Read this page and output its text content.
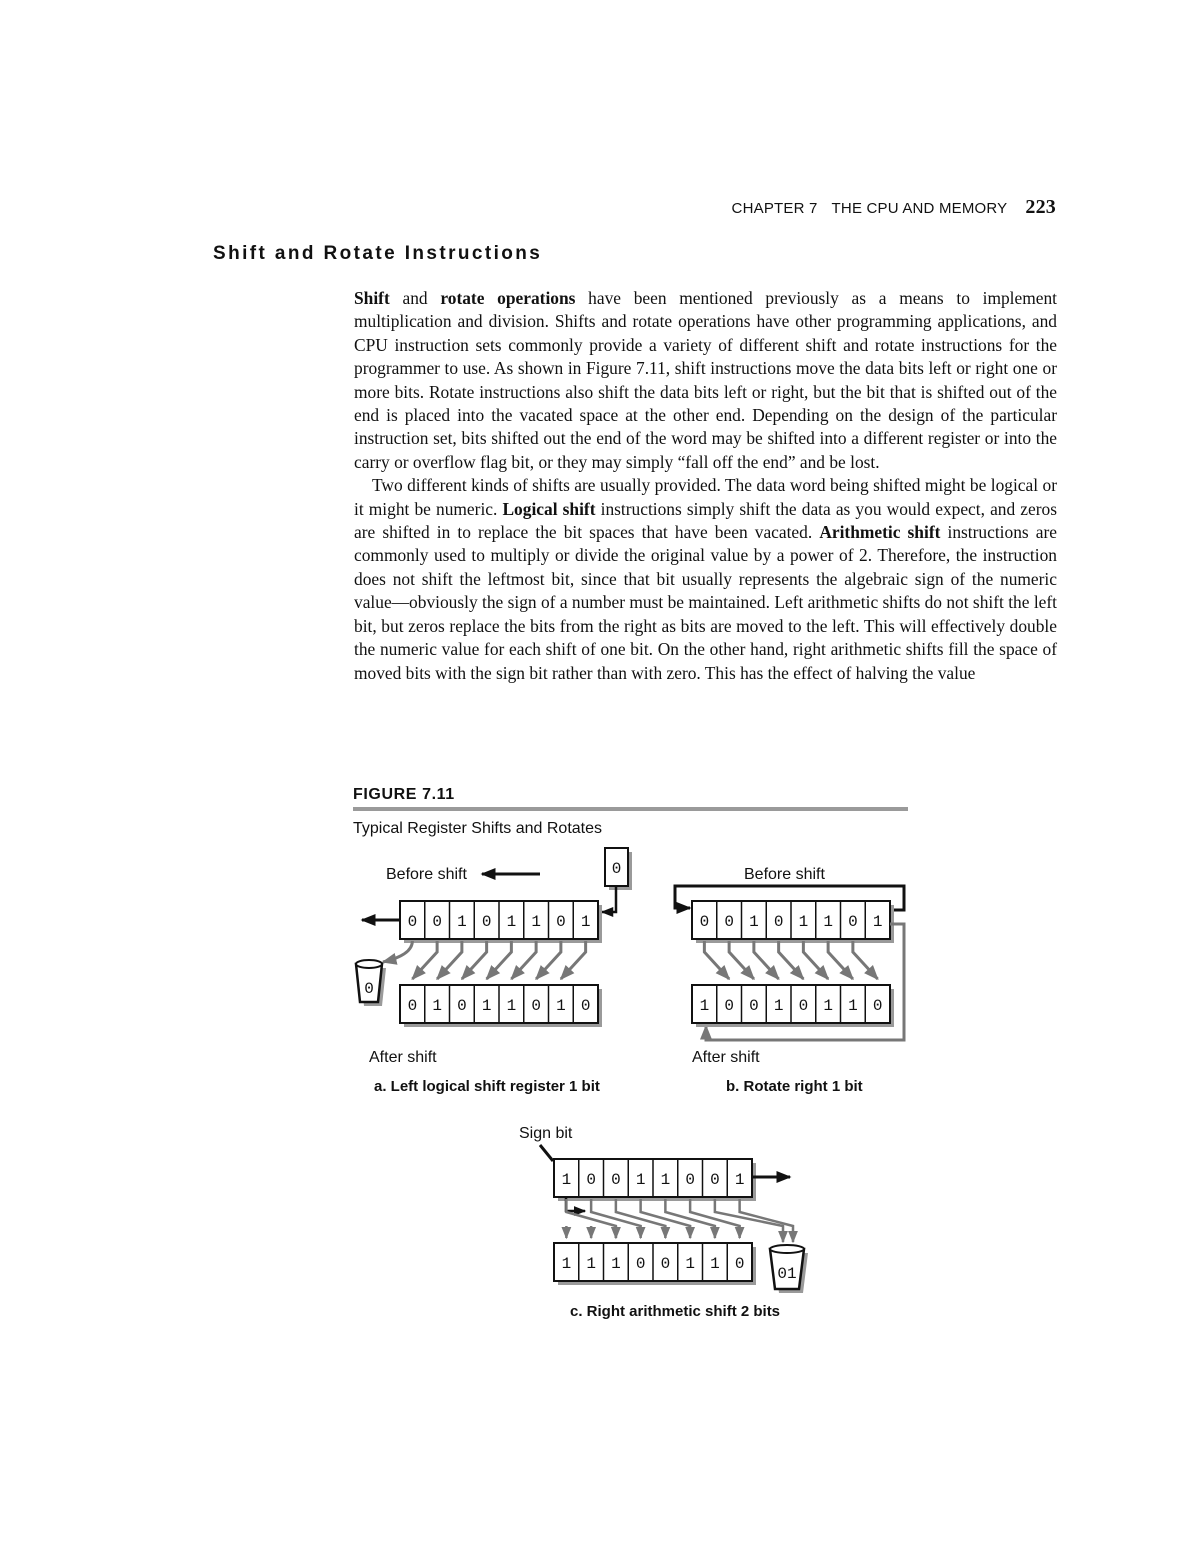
CHAPTER 7 THE CPU AND MEMORY 223
Shift and Rotate Instructions

Shift and rotate operations have been mentioned previously as a means to implement multiplication and division. Shifts and rotate operations have other programming applications, and CPU instruction sets commonly provide a variety of different shift and rotate instructions for the programmer to use. As shown in Figure 7.11, shift instructions move the data bits left or right one or more bits. Rotate instructions also shift the data bits left or right, but the bit that is shifted out of the end is placed into the vacated space at the other end. Depending on the design of the particular instruction set, bits shifted out the end of the word may be shifted into a different register or into the carry or overflow flag bit, or they may simply “fall off the end” and be lost.

Two different kinds of shifts are usually provided. The data word being shifted might be logical or it might be numeric. Logical shift instructions simply shift the data as you would expect, and zeros are shifted in to replace the bit spaces that have been vacated. Arithmetic shift instructions are commonly used to multiply or divide the original value by a power of 2. Therefore, the instruction does not shift the leftmost bit, since that bit usually represents the algebraic sign of the numeric value—obviously the sign of a number must be maintained. Left arithmetic shifts do not shift the left bit, but zeros replace the bits from the right as bits are moved to the left. This will effectively double the numeric value for each shift of one bit. On the other hand, right arithmetic shifts fill the space of moved bits with the sign bit rather than with zero. This has the effect of halving the value

FIGURE 7.11
Typical Register Shifts and Rotates
Before shift	0
0 0 1 0 1 1 0 1
0
0 1 0 1 1 0 1 0
After shift
a. Left logical shift register 1 bit
Before shift
0 0 1 0 1 1 0 1
1 0 0 1 0 1 1 0
After shift
b. Rotate right 1 bit
Sign bit
1 0 0 1 1 0 0 1
1 1 1 0 0 1 1 0
01
c. Right arithmetic shift 2 bits
